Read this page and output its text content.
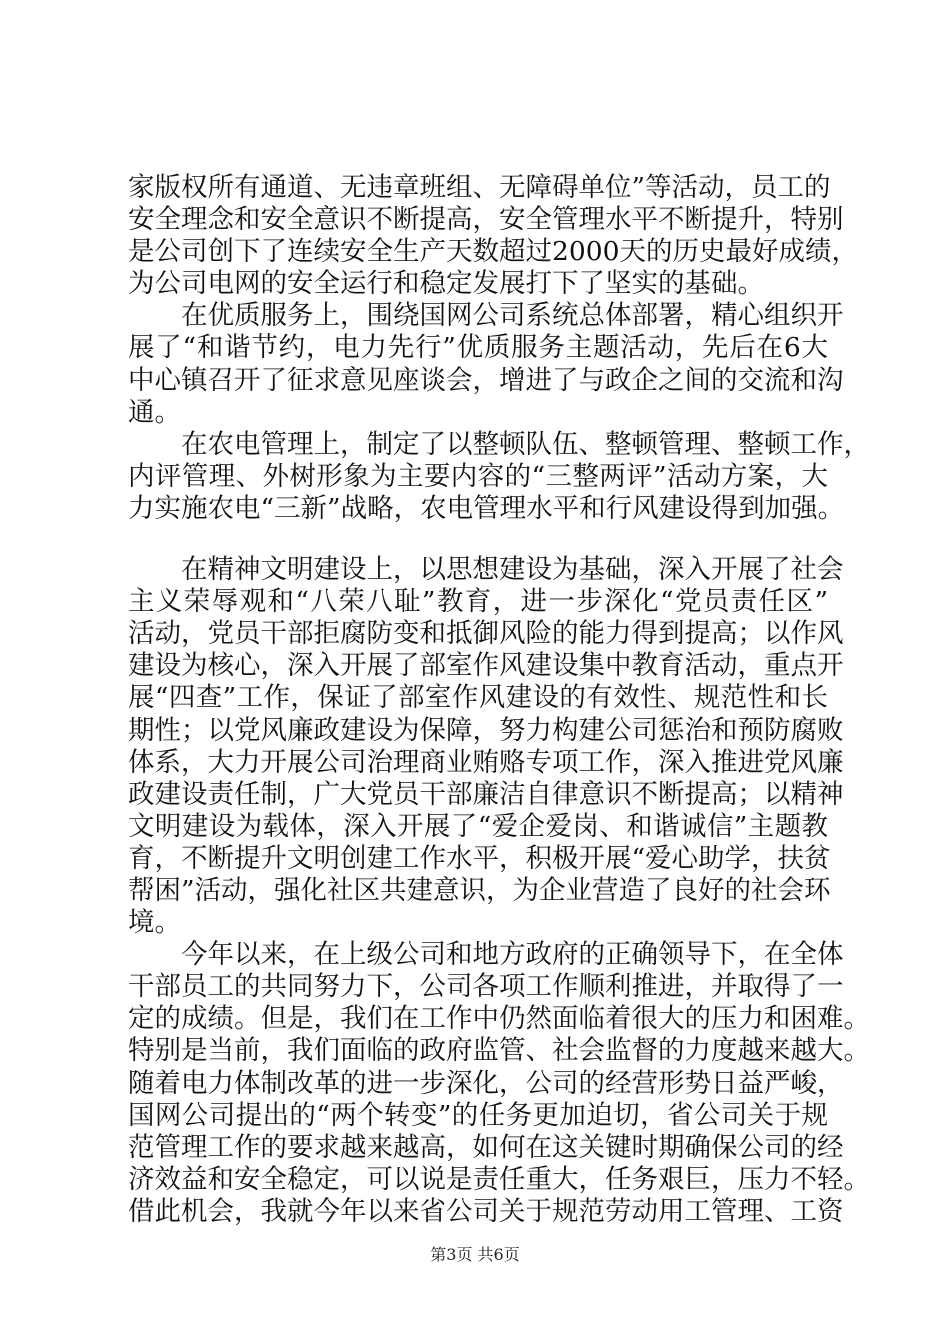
家版权所有通道、无违章班组、无障碍单位”等活动，员工的
安全理念和安全意识不断提高，安全管理水平不断提升，特别
是公司创下了连续安全生产天数超过2000天的历史最好成绩，
为公司电网的安全运行和稳定发展打下了坚实的基础。
在优质服务上，围绕国网公司系统总体部署，精心组织开
展了“和谐节约，电力先行”优质服务主题活动，先后在6大
中心镇召开了征求意见座谈会，增进了与政企之间的交流和沟
通。
在农电管理上，制定了以整顿队伍、整顿管理、整顿工作，
内评管理、外树形象为主要内容的“三整两评”活动方案，大
力实施农电“三新”战略，农电管理水平和行风建设得到加强。
在精神文明建设上，以思想建设为基础，深入开展了社会
主义荣辱观和“八荣八耻”教育，进一步深化“党员责任区”
活动，党员干部拒腐防变和抵御风险的能力得到提高；以作风
建设为核心，深入开展了部室作风建设集中教育活动，重点开
展“四查”工作，保证了部室作风建设的有效性、规范性和长
期性；以党风廉政建设为保障，努力构建公司惩治和预防腐败
体系，大力开展公司治理商业贿赂专项工作，深入推进党风廉
政建设责任制，广大党员干部廉洁自律意识不断提高；以精神
文明建设为载体，深入开展了“爱企爱岗、和谐诚信”主题教
育，不断提升文明创建工作水平，积极开展“爱心助学，扶贫
帮困”活动，强化社区共建意识，为企业营造了良好的社会环
境。
今年以来，在上级公司和地方政府的正确领导下，在全体
干部员工的共同努力下，公司各项工作顺利推进，并取得了一
定的成绩。但是，我们在工作中仍然面临着很大的压力和困难。
特别是当前，我们面临的政府监管、社会监督的力度越来越大。
随着电力体制改革的进一步深化，公司的经营形势日益严峻，
国网公司提出的“两个转变”的任务更加迫切，省公司关于规
范管理工作的要求越来越高，如何在这关键时期确保公司的经
济效益和安全稳定，可以说是责任重大，任务艰巨，压力不轻。
借此机会，我就今年以来省公司关于规范劳动用工管理、工资
第3页 共6页
